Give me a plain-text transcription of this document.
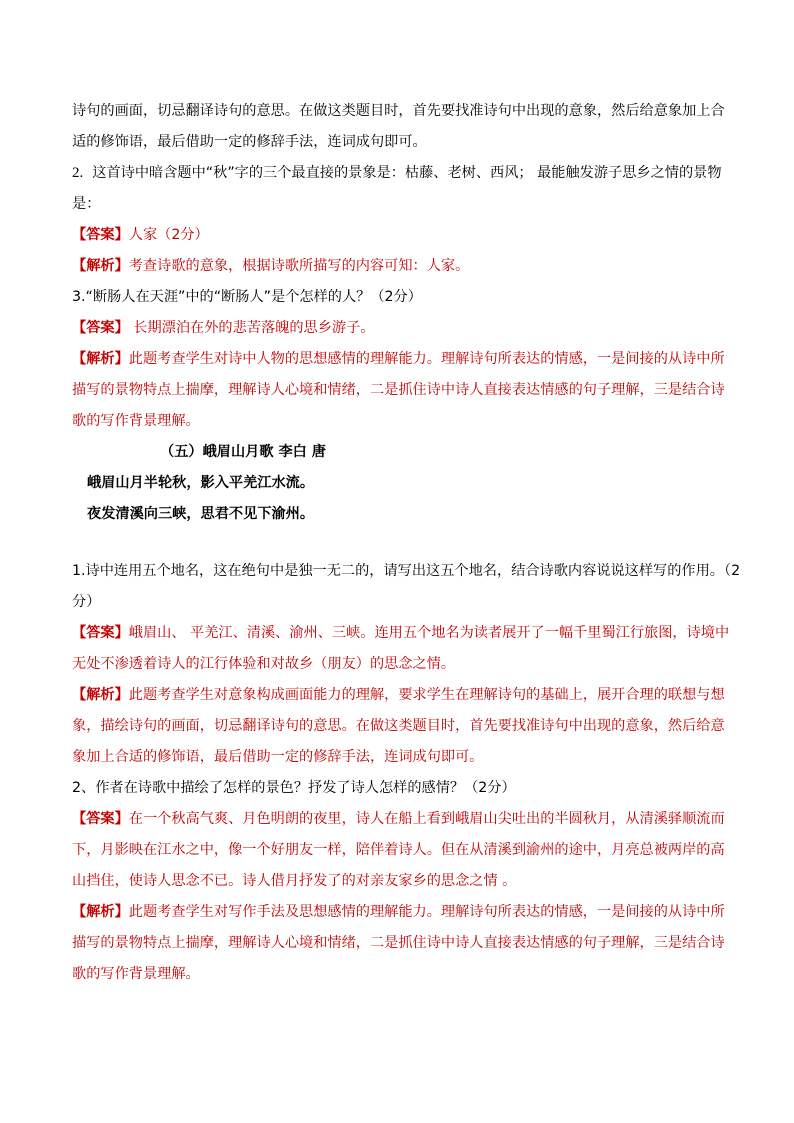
诗句的画面，切忌翻译诗句的意思。在做这类题目时，首先要找准诗句中出现的意象，然后给意象加上合
适的修饰语，最后借助一定的修辞手法，连词成句即可。
2. 这首诗中暗含题中“秋”字的三个最直接的景象是：枯藤、老树、西风； 最能触发游子思乡之情的景物
是：
【答案】人家（2分）
【解析】考查诗歌的意象，根据诗歌所描写的内容可知：人家。
3.“断肠人在天涯”中的“断肠人”是个怎样的人？（2分）
【答案】 长期漂泊在外的悲苦落魄的思乡游子。
【解析】此题考查学生对诗中人物的思想感情的理解能力。理解诗句所表达的情感，一是间接的从诗中所
描写的景物特点上揣摩，理解诗人心境和情绪，二是抓住诗中诗人直接表达情感的句子理解，三是结合诗
歌的写作背景理解。
（五）峨眉山月歌 李白 唐
峨眉山月半轮秋，影入平羌江水流。
夜发清溪向三峡，思君不见下渝州。
1.诗中连用五个地名，这在绝句中是独一无二的，请写出这五个地名，结合诗歌内容说说这样写的作用。（2
分）
【答案】峨眉山、 平羌江、清溪、渝州、三峡。连用五个地名为读者展开了一幅千里蜀江行旅图，诗境中
无处不渗透着诗人的江行体验和对故乡（朋友）的思念之情。
【解析】此题考查学生对意象构成画面能力的理解，要求学生在理解诗句的基础上，展开合理的联想与想
象，描绘诗句的画面，切忌翻译诗句的意思。在做这类题目时，首先要找准诗句中出现的意象，然后给意
象加上合适的修饰语，最后借助一定的修辞手法，连词成句即可。
2、作者在诗歌中描绘了怎样的景色？抒发了诗人怎样的感情？（2分）
【答案】在一个秋高气爽、月色明朗的夜里，诗人在船上看到峨眉山尖吐出的半圆秋月，从清溪驿顺流而
下，月影映在江水之中，像一个好朋友一样，陪伴着诗人。但在从清溪到渝州的途中，月亮总被两岸的高
山挡住，使诗人思念不已。诗人借月抒发了的对亲友家乡的思念之情 。
【解析】此题考查学生对写作手法及思想感情的理解能力。理解诗句所表达的情感，一是间接的从诗中所
描写的景物特点上揣摩，理解诗人心境和情绪，二是抓住诗中诗人直接表达情感的句子理解，三是结合诗
歌的写作背景理解。
